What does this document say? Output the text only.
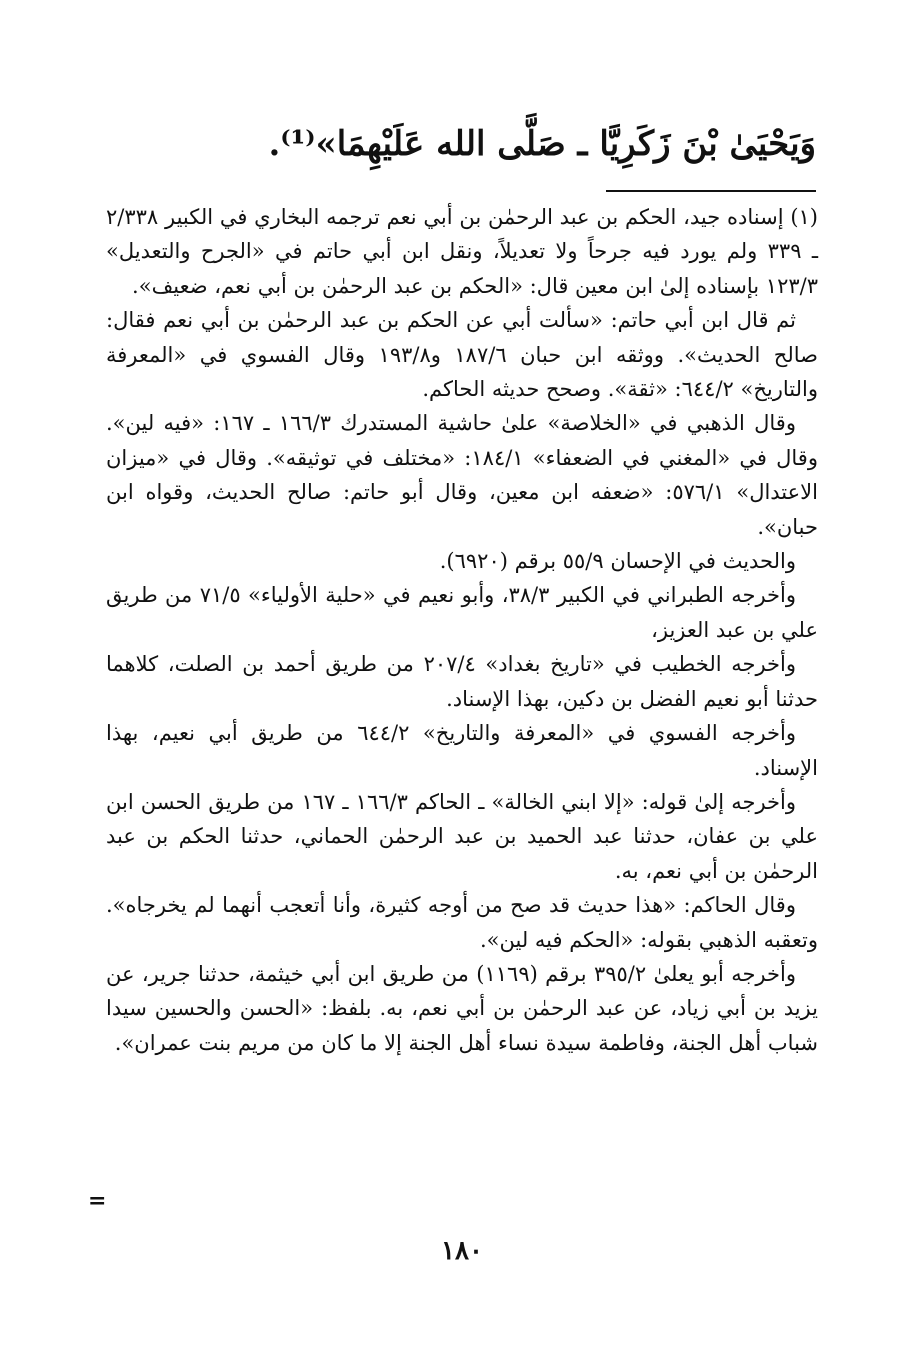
وَيَحْيَىٰ بْنَ زَكَرِيَّا ـ صَلَّى الله عَلَيْهِمَا»⁽¹⁾.

(١) إسناده جيد، الحكم بن عبد الرحمٰن بن أبي نعم ترجمه البخاري في الكبير ٢/٣٣٨ ـ ٣٣٩ ولم يورد فيه جرحاً ولا تعديلاً، ونقل ابن أبي حاتم في «الجرح والتعديل» ١٢٣/٣ بإسناده إلىٰ ابن معين قال: «الحكم بن عبد الرحمٰن بن أبي نعم، ضعيف».

ثم قال ابن أبي حاتم: «سألت أبي عن الحكم بن عبد الرحمٰن بن أبي نعم فقال: صالح الحديث». ووثقه ابن حبان ١٨٧/٦ و١٩٣/٨ وقال الفسوي في «المعرفة والتاريخ» ٦٤٤/٢: «ثقة». وصحح حديثه الحاكم.

وقال الذهبي في «الخلاصة» علىٰ حاشية المستدرك ١٦٦/٣ ـ ١٦٧: «فيه لين». وقال في «المغني في الضعفاء» ١٨٤/١: «مختلف في توثيقه». وقال في «ميزان الاعتدال» ٥٧٦/١: «ضعفه ابن معين، وقال أبو حاتم: صالح الحديث، وقواه ابن حبان».

والحديث في الإحسان ٥٥/٩ برقم (٦٩٢٠).

وأخرجه الطبراني في الكبير ٣٨/٣، وأبو نعيم في «حلية الأولياء» ٧١/٥ من طريق علي بن عبد العزيز،

وأخرجه الخطيب في «تاريخ بغداد» ٢٠٧/٤ من طريق أحمد بن الصلت، كلاهما حدثنا أبو نعيم الفضل بن دكين، بهذا الإسناد.

وأخرجه الفسوي في «المعرفة والتاريخ» ٦٤٤/٢ من طريق أبي نعيم، بهذا الإسناد.

وأخرجه إلىٰ قوله: «إلا ابني الخالة» ـ الحاكم ١٦٦/٣ ـ ١٦٧ من طريق الحسن ابن علي بن عفان، حدثنا عبد الحميد بن عبد الرحمٰن الحماني، حدثنا الحكم بن عبد الرحمٰن بن أبي نعم، به.

وقال الحاكم: «هذا حديث قد صح من أوجه كثيرة، وأنا أتعجب أنهما لم يخرجاه». وتعقبه الذهبي بقوله: «الحكم فيه لين».

وأخرجه أبو يعلىٰ ٣٩٥/٢ برقم (١١٦٩) من طريق ابن أبي خيثمة، حدثنا جرير، عن يزيد بن أبي زياد، عن عبد الرحمٰن بن أبي نعم، به. بلفظ: «الحسن والحسين سيدا شباب أهل الجنة، وفاطمة سيدة نساء أهل الجنة إلا ما كان من مريم بنت عمران».

=
١٨٠
